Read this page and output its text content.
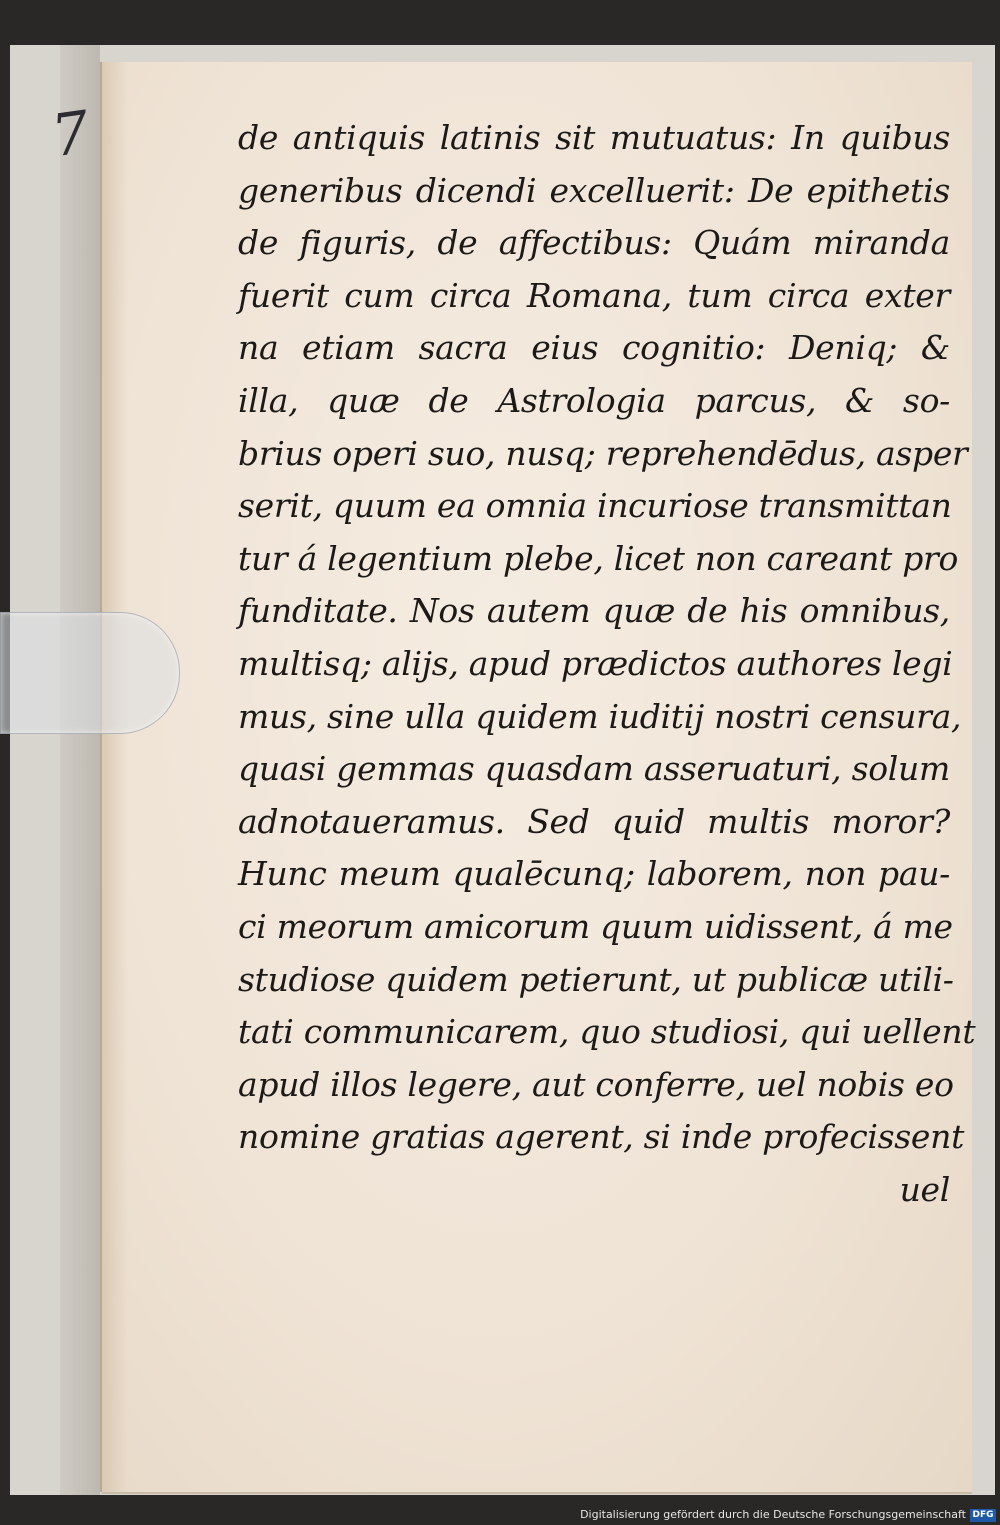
7	de antiquis latinis sit mutuatus: In quibus
generibus dicendi excelluerit: De epithetis
de figuris, de affectibus: Quám miranda
fuerit cum circa Romana, tum circa exter
na etiam sacra eius cognitio: Deniq; &
illa, quæ de Astrologia parcus, & so-
brius operi suo, nusq; reprehendēdus, asper
serit, quum ea omnia incuriose transmittan
tur á legentium plebe, licet non careant pro
funditate. Nos autem quæ de his omnibus,
multisq; alijs, apud prædictos authores legi
mus, sine ulla quidem iuditij nostri censura,
quasi gemmas quasdam asseruaturi, solum
adnotaueramus. Sed quid multis moror?
Hunc meum qualēcunq; laborem, non pau-
ci meorum amicorum quum uidissent, á me
studiose quidem petierunt, ut publicæ utili-
tati communicarem, quo studiosi, qui uellent
apud illos legere, aut conferre, uel nobis eo
nomine gratias agerent, si inde profecissent
uel
Digitalisierung gefördert durch die Deutsche Forschungsgemeinschaft DFG
